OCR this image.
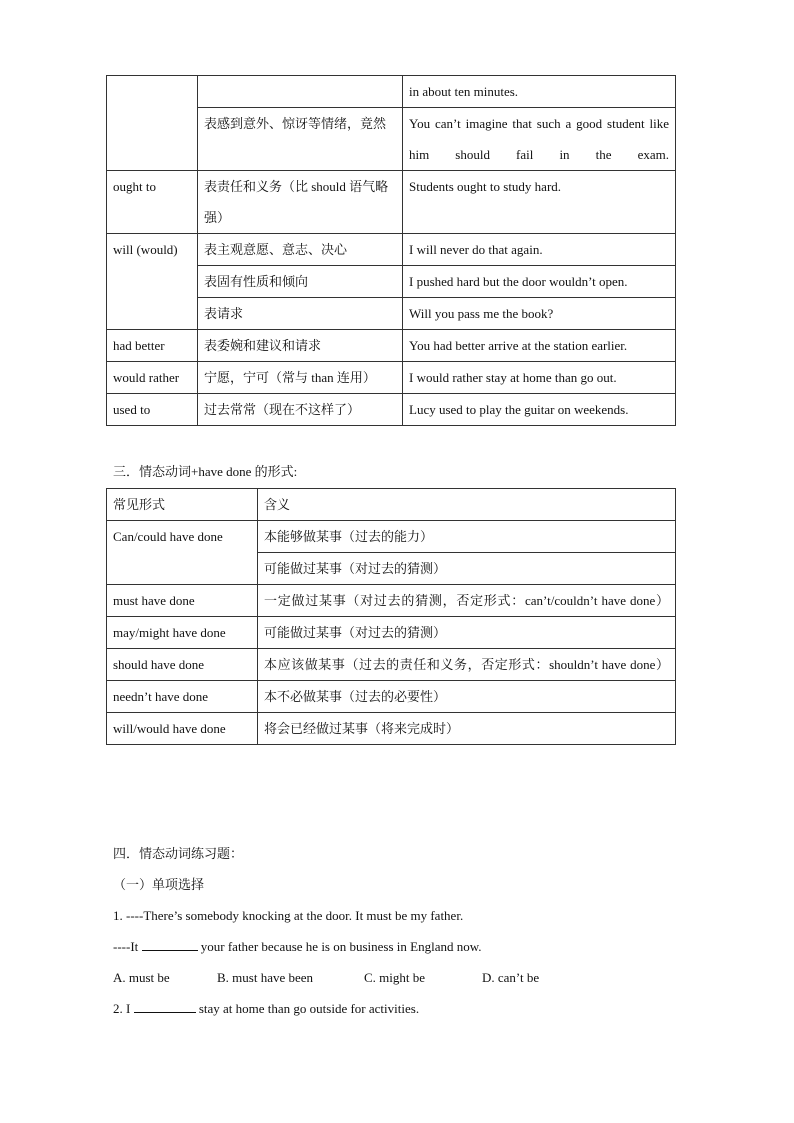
		in about ten minutes.
	表感到意外、惊讶等情绪，竟然	You can’t imagine that such a good student like him should fail in the exam.
ought to	表责任和义务（比 should 语气略强）	Students ought to study hard.
will (would)	表主观意愿、意志、决心	I will never do that again.
	表固有性质和倾向	I pushed hard but the door wouldn’t open.
	表请求	Will you pass me the book?
had better	表委婉和建议和请求	You had better arrive at the station earlier.
would rather	宁愿，宁可（常与 than 连用）	I would rather stay at home than go out.
used to	过去常常（现在不这样了）	Lucy used to play the guitar on weekends.
三．情态动词+have done 的形式:
常见形式	含义
Can/could have done	本能够做某事（过去的能力）
	可能做过某事（对过去的猜测）
must have done	一定做过某事（对过去的猜测，否定形式：can’t/couldn’t have done）
may/might have done	可能做过某事（对过去的猜测）
should have done	本应该做某事（过去的责任和义务，否定形式：shouldn’t have done）
needn’t have done	本不必做某事（过去的必要性）
will/would have done	将会已经做过某事（将来完成时）
四．情态动词练习题：
（一）单项选择
1. ----There’s somebody knocking at the door. It must be my father.
----It	your father because he is on business in England now.
A. must be	B. must have been	C. might be	D. can’t be
2. I	stay at home than go outside for activities.
